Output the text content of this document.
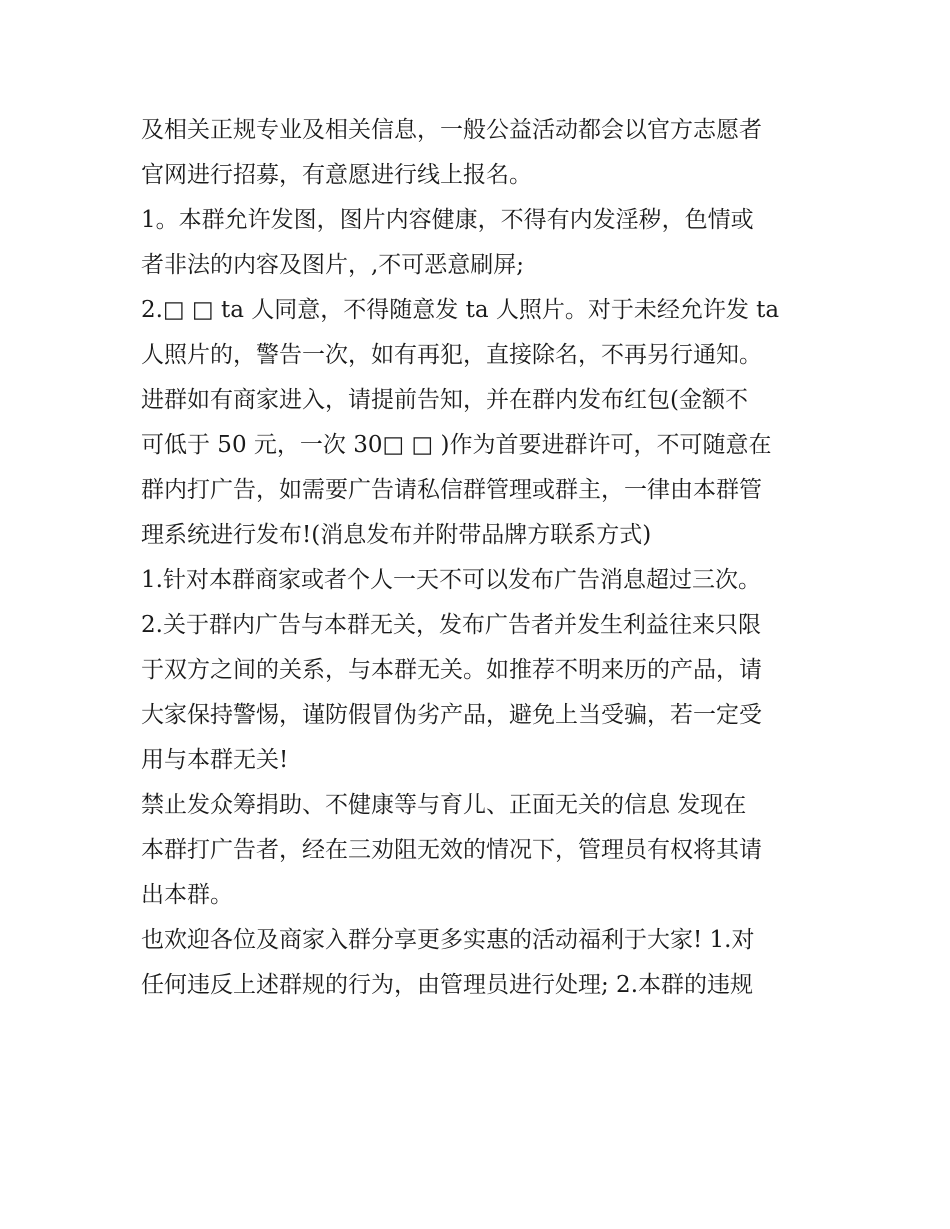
及相关正规专业及相关信息，一般公益活动都会以官方志愿者
官网进行招募，有意愿进行线上报名。
1。本群允许发图，图片内容健康，不得有内发淫秽，色情或
者非法的内容及图片，,不可恶意刷屏;
2.□ □ ta 人同意，不得随意发 ta 人照片。对于未经允许发 ta
人照片的，警告一次，如有再犯，直接除名，不再另行通知。
进群如有商家进入，请提前告知，并在群内发布红包(金额不
可低于 50 元，一次 30□ □ )作为首要进群许可，不可随意在
群内打广告，如需要广告请私信群管理或群主，一律由本群管
理系统进行发布!(消息发布并附带品牌方联系方式)
1.针对本群商家或者个人一天不可以发布广告消息超过三次。
2.关于群内广告与本群无关，发布广告者并发生利益往来只限
于双方之间的关系，与本群无关。如推荐不明来历的产品，请
大家保持警惕，谨防假冒伪劣产品，避免上当受骗，若一定受
用与本群无关!
禁止发众筹捐助、不健康等与育儿、正面无关的信息 发现在
本群打广告者，经在三劝阻无效的情况下，管理员有权将其请
出本群。
也欢迎各位及商家入群分享更多实惠的活动福利于大家! 1.对
任何违反上述群规的行为，由管理员进行处理; 2.本群的违规
